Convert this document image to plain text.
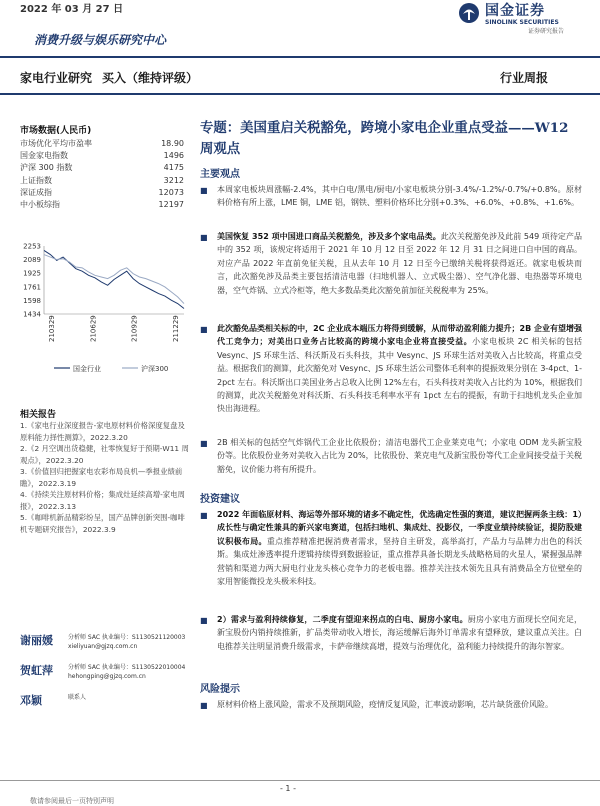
2022 年 03 月 27 日
消费升级与娱乐研究中心
国金证券
SINOLINK SECURITIES
证券研究报告
家电行业研究 买入（维持评级）	行业周报
市场数据(人民币)
市场优化平均市盈率	18.90
国金家电指数	1496
沪深 300 指数	4175
上证指数	3212
深证成指	12073
中小板综指	12197
1434
1598
1761
1925
2089
2253
210329	210629	210929	211229
国金行业	沪深300
相关报告

1.《家电行业深度报告-家电原材料价格深度复盘及原料能力择性测算》，2022.3.20

2.《2 月空调出货稳健，社零恢复好于预期-W11 周观点》，2022.3.20

3.《价值回归把握家电农彩布局良机—季报业绩前瞻》，2022.3.19

4.《持续关注原材料价格；集成灶延续高增-家电周报》，2022.3.13

5.《咖啡机新品精彩纷呈，国产品牌创新突围-咖啡机专题研究报告》，2022.3.9

谢丽媛	分析师 SAC 执业编号：S1130521120003
xieliyuan@gjzq.com.cn
贺虹萍	分析师 SAC 执业编号：S1130522010004
hehongping@gjzq.com.cn
邓颖	联系人
专题：美国重启关税豁免，跨境小家电企业重点受益——W12 周观点
主要观点
■ 本周家电板块周涨幅-2.4%，其中白电/黑电/厨电/小家电板块分别-3.4%/-1.2%/-0.7%/+0.8%。原材料价格有所上涨，LME 铜，LME 铝，钢铁、塑料价格环比分别+0.3%、+6.0%、+0.8%、+1.6%。
■ 美国恢复 352 项中国进口商品关税豁免，涉及多个家电品类。此次关税豁免涉及此前 549 项待定产品中的 352 项，该规定将适用于 2021 年 10 月 12 日至 2022 年 12 月 31 日之间进口自中国的商品。对应产品 2022 年直前免征关税，且从去年 10 月 12 日至今已缴纳关税将获得返还。就家电板块而言，此次豁免涉及品类主要包括清洁电器（扫地机器人、立式吸尘器）、空气净化器、电热器等环境电器，空气炸锅、立式冷柜等，绝大多数品类此次豁免前加征关税税率为 25%。
■ 此次豁免品类相关标的中，2C 企业成本端压力将得到缓解，从而带动盈利能力提升；2B 企业有望增强代工竞争力；对美出口业务占比较高的跨境小家电企业将直接受益。小家电板块 2C 相关标的包括 Vesync、JS 环球生活、科沃斯及石头科技，其中 Vesync、JS 环球生活对美收入占比较高，将重点受益。根据我们的测算，此次豁免对 Vesync、JS 环球生活公司整体毛利率的提振效果分别在 3-4pct、1-2pct 左右。科沃斯出口美国业务占总收入比例 12%左右，石头科技对美收入占比约为 10%，根据我们的测算，此次关税豁免对科沃斯、石头科技毛利率水平有 1pct 左右的提振，有助于扫地机龙头企业加快出海进程。
■ 2B 相关标的包括空气炸锅代工企业比依股份；清洁电器代工企业莱克电气；小家电 ODM 龙头新宝股份等。比依股份业务对美收入占比为 20%，比依股份、莱克电气及新宝股份等代工企业间接受益于关税豁免，议价能力将有所提升。
投资建议
■ 2022 年面临原材料、海运等外部环境的诸多不确定性，优选确定性强的赛道，建议把握两条主线：1）成长性与确定性兼具的新兴家电赛道，包括扫地机、集成灶、投影仪，一季度业绩持续验证，提防股建议积极布局。重点推荐精准把握消费者需求，坚持自主研发，高举高打，产品力与品牌力出色的科沃斯。集成灶渗透率提升逻辑持续得到数据验证，重点推荐具备长期龙头战略格局的火星人，紧握强品牌营销和渠道力两大厨电行业龙头核心竞争力的老板电器。推荐关注技术领先且具有消费品全方位壁垒的家用智能微投龙头极米科技。
■ 2）需求与盈利持续修复，二季度有望迎来拐点的白电、厨房小家电。厨房小家电方面现长空间充足，新宝股份内销持续推新，扩品类带动收入增长，海运缓解后海外订单需求有望释放，建议重点关注。白电推荐关注明显消费升级需求，卡萨帝继续高增，提效与治理优化，盈利能力持续提升的海尔智家。
风险提示
■ 原材料价格上涨风险，需求不及预期风险，疫情反复风险，汇率波动影响，芯片缺货涨价风险。
- 1 -
敬请参阅最后一页特别声明
